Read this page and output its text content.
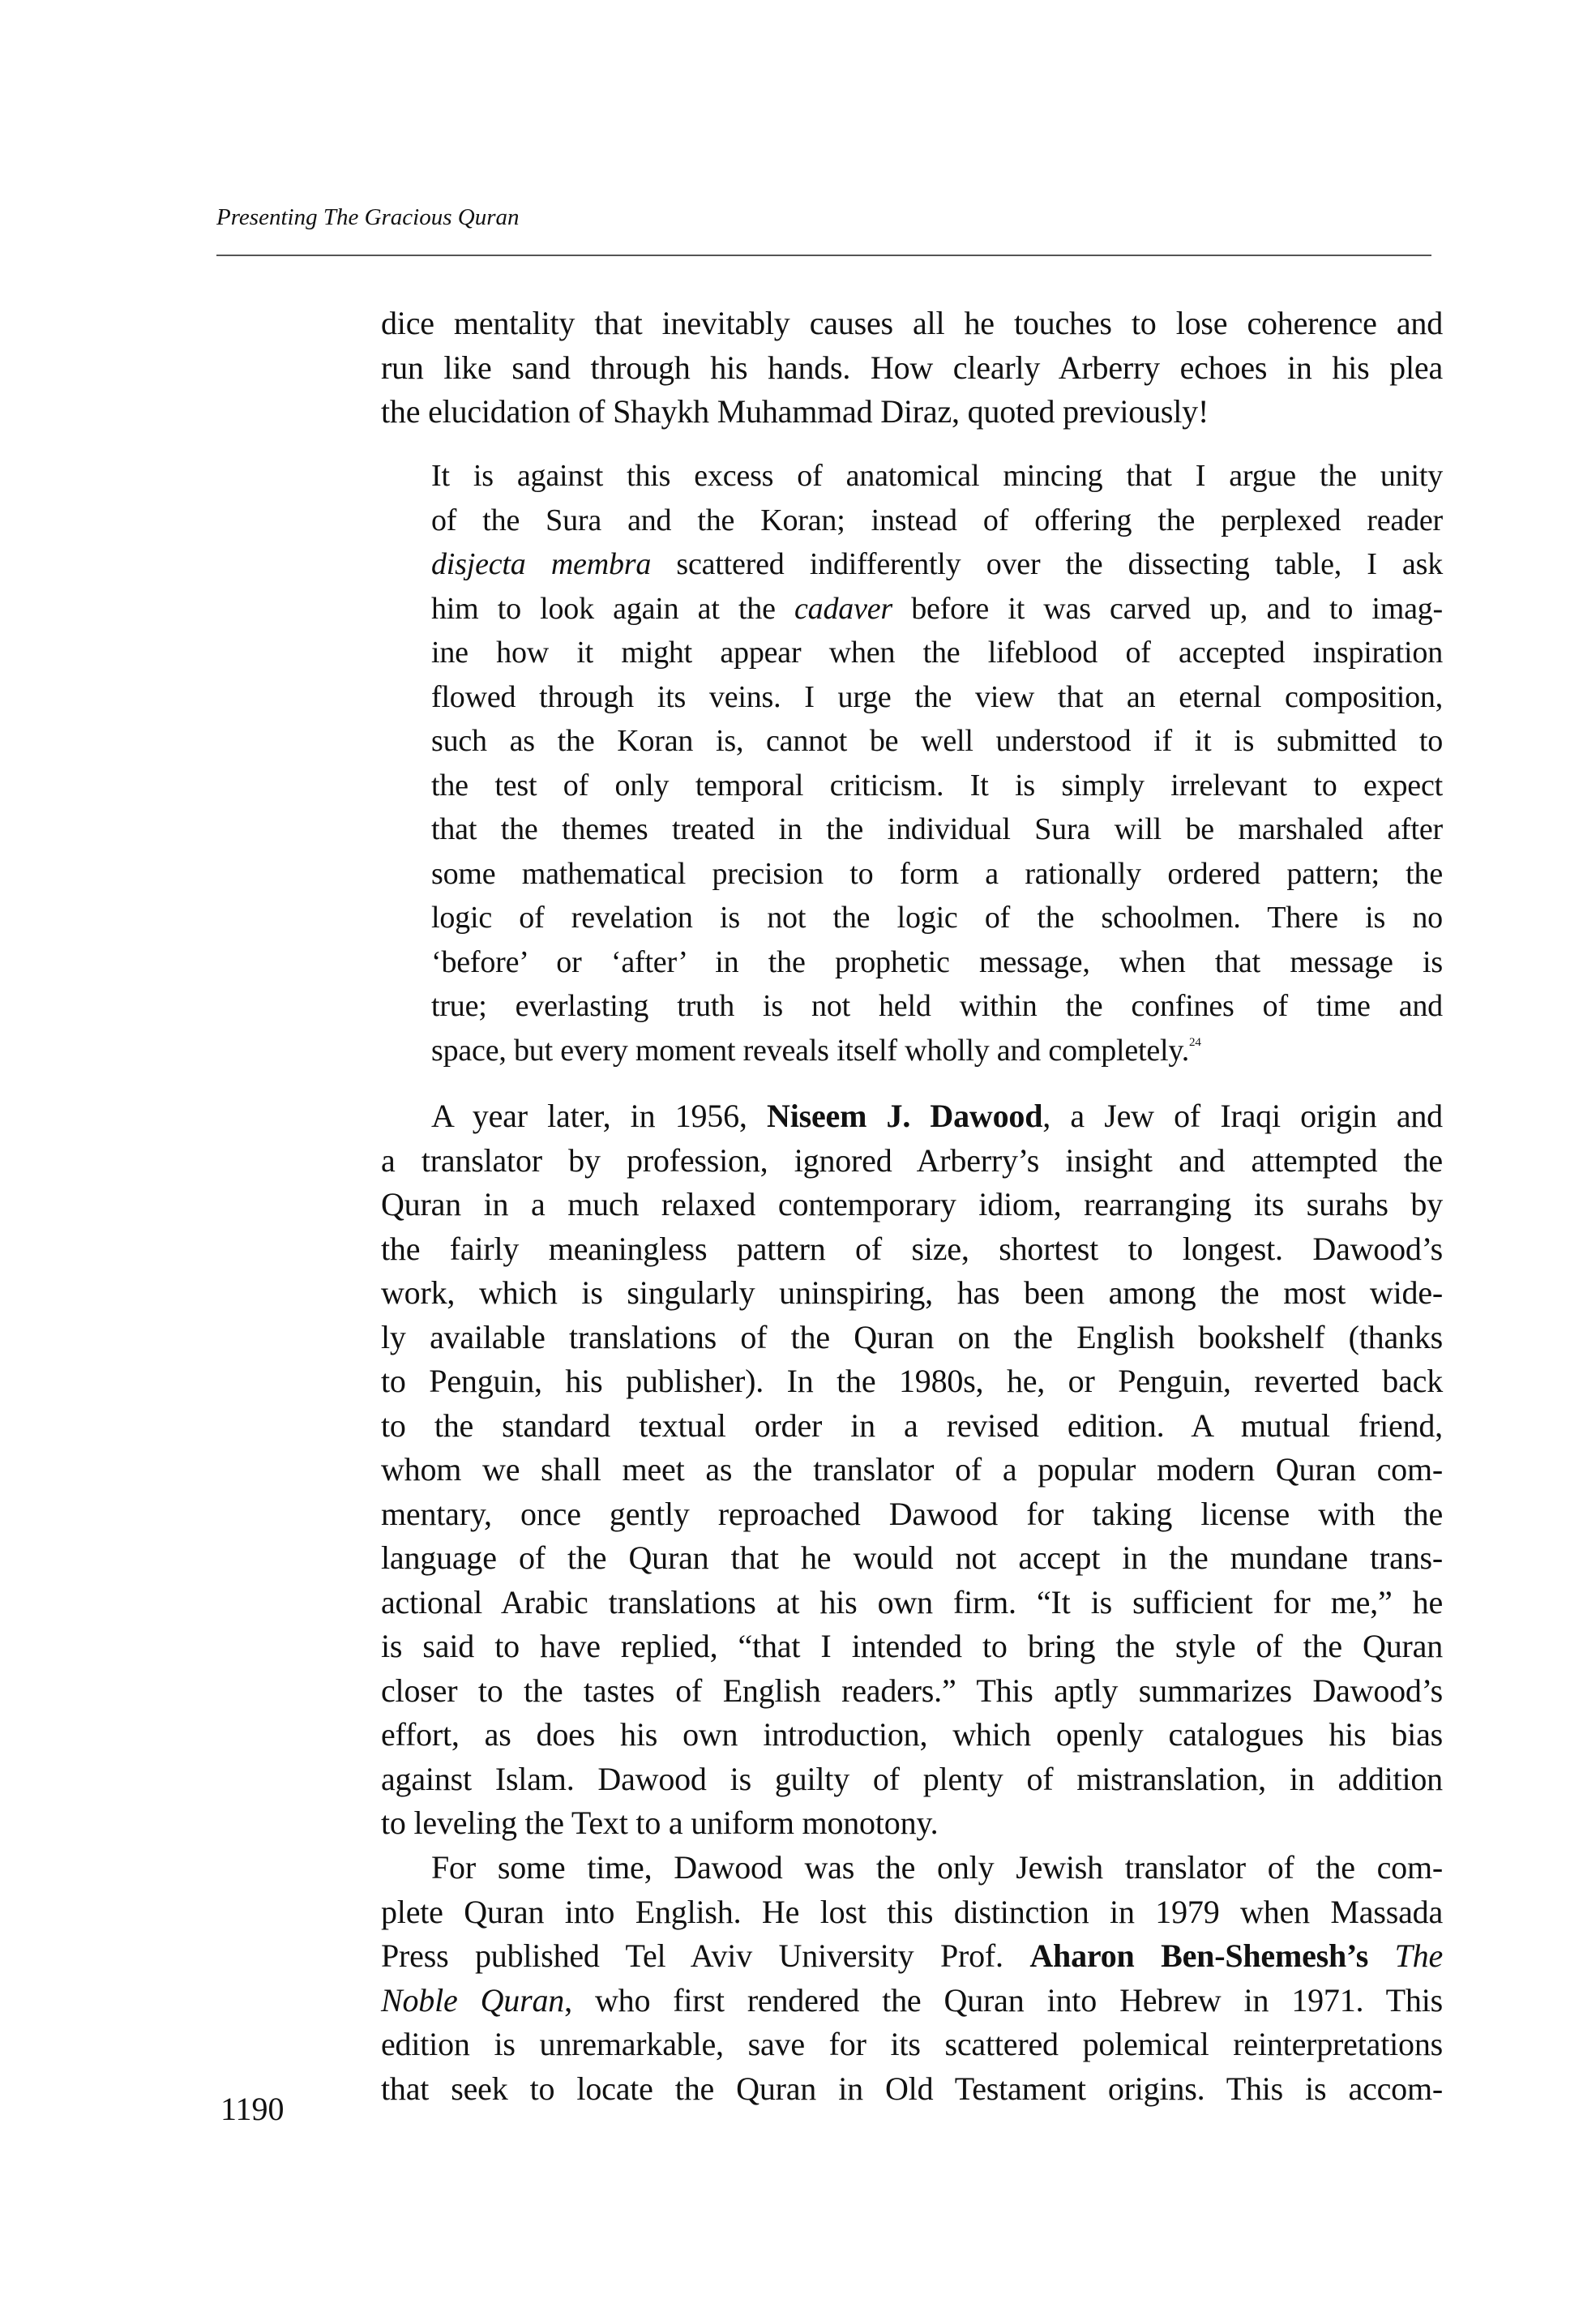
Presenting The Gracious Quran
dice mentality that inevitably causes all he touches to lose coherence and
run like sand through his hands. How clearly Arberry echoes in his plea
the elucidation of Shaykh Muhammad Diraz, quoted previously!
It is against this excess of anatomical mincing that I argue the unity
of the Sura and the Koran; instead of offering the perplexed reader
disjecta membra scattered indifferently over the dissecting table, I ask
him to look again at the cadaver before it was carved up, and to imag-
ine how it might appear when the lifeblood of accepted inspiration
flowed through its veins. I urge the view that an eternal composition,
such as the Koran is, cannot be well understood if it is submitted to
the test of only temporal criticism. It is simply irrelevant to expect
that the themes treated in the individual Sura will be marshaled after
some mathematical precision to form a rationally ordered pattern; the
logic of revelation is not the logic of the schoolmen. There is no
‘before’ or ‘after’ in the prophetic message, when that message is
true; everlasting truth is not held within the confines of time and
space, but every moment reveals itself wholly and completely.$^{24}$
A year later, in 1956, Niseem J. Dawood, a Jew of Iraqi origin and
a translator by profession, ignored Arberry’s insight and attempted the
Quran in a much relaxed contemporary idiom, rearranging its surahs by
the fairly meaningless pattern of size, shortest to longest. Dawood’s
work, which is singularly uninspiring, has been among the most wide-
ly available translations of the Quran on the English bookshelf (thanks
to Penguin, his publisher). In the 1980s, he, or Penguin, reverted back
to the standard textual order in a revised edition. A mutual friend,
whom we shall meet as the translator of a popular modern Quran com-
mentary, once gently reproached Dawood for taking license with the
language of the Quran that he would not accept in the mundane trans-
actional Arabic translations at his own firm. “It is sufficient for me,” he
is said to have replied, “that I intended to bring the style of the Quran
closer to the tastes of English readers.” This aptly summarizes Dawood’s
effort, as does his own introduction, which openly catalogues his bias
against Islam. Dawood is guilty of plenty of mistranslation, in addition
to leveling the Text to a uniform monotony.
For some time, Dawood was the only Jewish translator of the com-
plete Quran into English. He lost this distinction in 1979 when Massada
Press published Tel Aviv University Prof. Aharon Ben-Shemesh’s The
Noble Quran, who first rendered the Quran into Hebrew in 1971. This
edition is unremarkable, save for its scattered polemical reinterpretations
that seek to locate the Quran in Old Testament origins. This is accom-
1190
